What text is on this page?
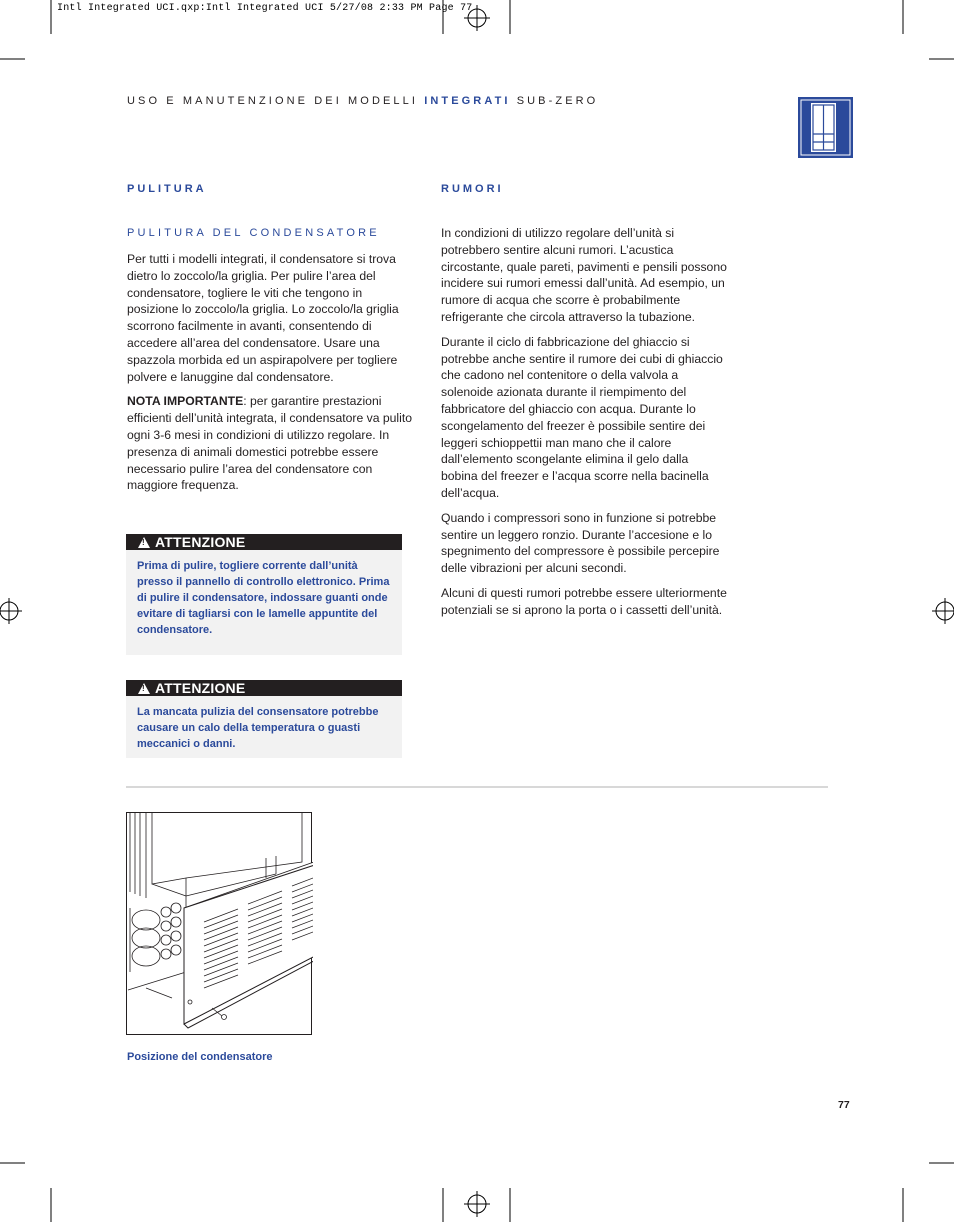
Intl Integrated UCI.qxp:Intl Integrated UCI 5/27/08 2:33 PM Page 77
USO E MANUTENZIONE DEI MODELLI INTEGRATI SUB-ZERO
PULITURA
PULITURA DEL CONDENSATORE

Per tutti i modelli integrati, il condensatore si trova dietro lo zoccolo/la griglia. Per pulire l’area del condensatore, togliere le viti che tengono in posizione lo zoccolo/la griglia. Lo zoccolo/la griglia scorrono facilmente in avanti, consentendo di accedere all’area del condensatore. Usare una spazzola morbida ed un aspirapolvere per togliere polvere e lanuggine dal condensatore.

NOTA IMPORTANTE: per garantire prestazioni efficienti dell’unità integrata, il condensatore va pulito ogni 3-6 mesi in condizioni di utilizzo regolare. In presenza di animali domestici potrebbe essere necessario pulire l’area del condensatore con maggiore frequenza.

! ATTENZIONE
Prima di pulire, togliere corrente dall’unità presso il pannello di controllo elettronico. Prima di pulire il condensatore, indossare guanti onde evitare di tagliarsi con le lamelle appuntite del condensatore.
! ATTENZIONE
La mancata pulizia del consensatore potrebbe causare un calo della temperatura o guasti meccanici o danni.
RUMORI

In condizioni di utilizzo regolare dell’unità si potrebbero sentire alcuni rumori. L’acustica circostante, quale pareti, pavimenti e pensili possono incidere sui rumori emessi dall’unità. Ad esempio, un rumore di acqua che scorre è probabilmente refrigerante che circola attraverso la tubazione.

Durante il ciclo di fabbricazione del ghiaccio si potrebbe anche sentire il rumore dei cubi di ghiaccio che cadono nel contenitore o della valvola a solenoide azionata durante il riempimento del fabbricatore del ghiaccio con acqua. Durante lo scongelamento del freezer è possibile sentire dei leggeri schioppettii man mano che il calore dall’elemento scongelante elimina il gelo dalla bobina del freezer e l’acqua scorre nella bacinella dell’acqua.

Quando i compressori sono in funzione si potrebbe sentire un leggero ronzio. Durante l’accesione e lo spegnimento del compressore è possibile percepire delle vibrazioni per alcuni secondi.

Alcuni di questi rumori potrebbe essere ulteriormente potenziali se si aprono la porta o i cassetti dell’unità.

Posizione del condensatore
77
